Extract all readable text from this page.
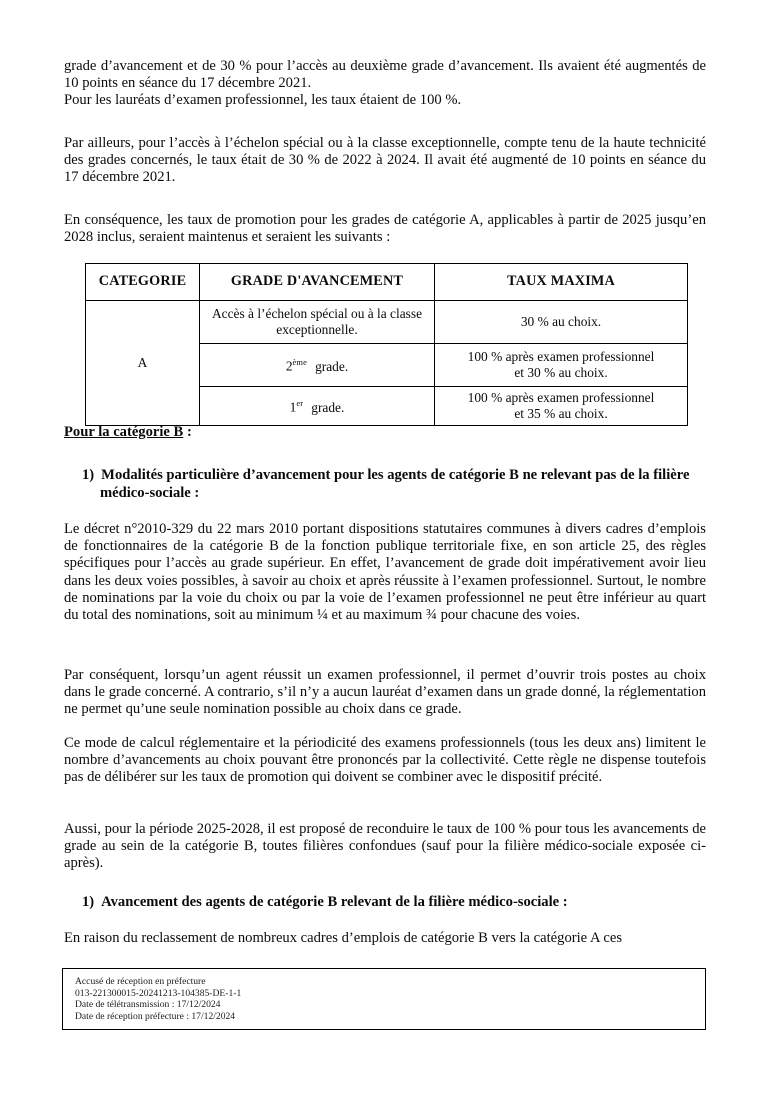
grade d’avancement et de 30 % pour l’accès au deuxième grade d’avancement. Ils avaient été augmentés de 10 points en séance du 17 décembre 2021.

Pour les lauréats d’examen professionnel, les taux étaient de 100 %.

Par ailleurs, pour l’accès à l’échelon spécial ou à la classe exceptionnelle, compte tenu de la haute technicité des grades concernés, le taux était de 30 % de 2022 à 2024. Il avait été augmenté de 10 points en séance du 17 décembre 2021.

En conséquence, les taux de promotion pour les grades de catégorie A, applicables à partir de 2025 jusqu’en 2028 inclus, seraient maintenus et seraient les suivants :

CATEGORIE	GRADE D'AVANCEMENT	TAUX MAXIMA
A	Accès à l’échelon spécial ou à la classe exceptionnelle.	30 % au choix.
	2ème grade.	100 % après examen professionnel
et 30 % au choix.
	1er grade.	100 % après examen professionnel
et 35 % au choix.

Pour la catégorie B :

1) Modalités particulière d’avancement pour les agents de catégorie B ne relevant pas de la filière médico-sociale :

Le décret n°2010-329 du 22 mars 2010 portant dispositions statutaires communes à divers cadres d’emplois de fonctionnaires de la catégorie B de la fonction publique territoriale fixe, en son article 25, des règles spécifiques pour l’accès au grade supérieur. En effet, l’avancement de grade doit impérativement avoir lieu dans les deux voies possibles, à savoir au choix et après réussite à l’examen professionnel. Surtout, le nombre de nominations par la voie du choix ou par la voie de l’examen professionnel ne peut être inférieur au quart du total des nominations, soit au minimum ¼ et au maximum ¾ pour chacune des voies.

Par conséquent, lorsqu’un agent réussit un examen professionnel, il permet d’ouvrir trois postes au choix dans le grade concerné. A contrario, s’il n’y a aucun lauréat d’examen dans un grade donné, la réglementation ne permet qu’une seule nomination possible au choix dans ce grade.

Ce mode de calcul réglementaire et la périodicité des examens professionnels (tous les deux ans) limitent le nombre d’avancements au choix pouvant être prononcés par la collectivité. Cette règle ne dispense toutefois pas de délibérer sur les taux de promotion qui doivent se combiner avec le dispositif précité.

Aussi, pour la période 2025-2028, il est proposé de reconduire le taux de 100 % pour tous les avancements de grade au sein de la catégorie B, toutes filières confondues (sauf pour la filière médico-sociale exposée ci-après).

1) Avancement des agents de catégorie B relevant de la filière médico-sociale :

En raison du reclassement de nombreux cadres d’emplois de catégorie B vers la catégorie A ces

Accusé de réception en préfecture
013-221300015-20241213-104385-DE-1-1
Date de télétransmission : 17/12/2024
Date de réception préfecture : 17/12/2024
